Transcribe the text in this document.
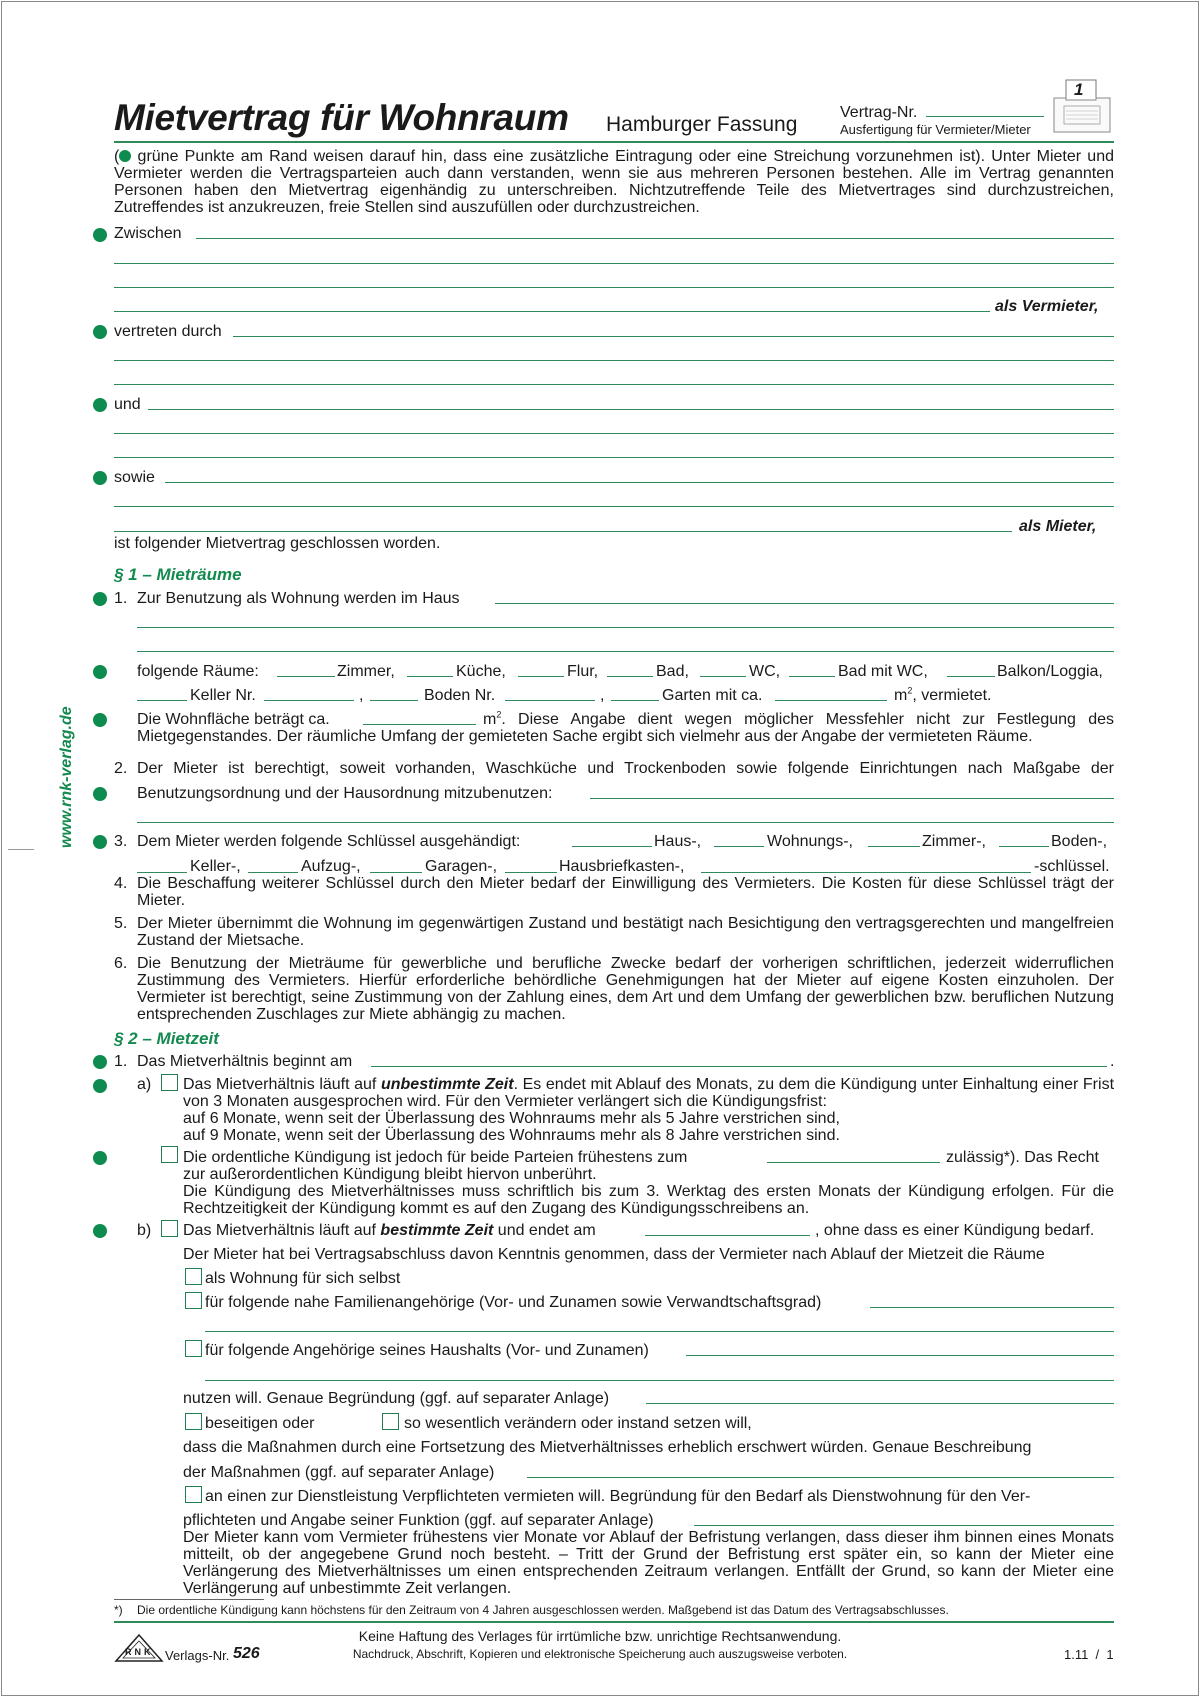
Mietvertrag für Wohnraum Hamburger Fassung
Vertrag-Nr.
Ausfertigung für Vermieter/Mieter
1
www.rnk-verlag.de
( grüne Punkte am Rand weisen darauf hin, dass eine zusätzliche Eintragung oder eine Streichung vorzunehmen ist). Unter Mieter und Vermieter werden die Vertragsparteien auch dann verstanden, wenn sie aus mehreren Personen bestehen. Alle im Vertrag genannten Personen haben den Mietvertrag eigenhändig zu unterschreiben. Nichtzutreffende Teile des Mietvertrages sind durchzustreichen, Zutreffendes ist anzukreuzen, freie Stellen sind auszufüllen oder durchzustreichen.
Zwischen
als Vermieter,
vertreten durch
und
sowie
als Mieter,
ist folgender Mietvertrag geschlossen worden.
§ 1 – Mieträume
1. Zur Benutzung als Wohnung werden im Haus
folgende Räume:	Zimmer,	Küche,	Flur,	Bad,	WC,	Bad mit WC,	Balkon/Loggia,
Keller Nr.	,	Boden Nr.	,	Garten mit ca.	$m^2$, vermietet.
Die Wohnfläche beträgt ca.	$m^2$. Diese Angabe dient wegen möglicher Messfehler nicht zur Festlegung des
Mietgegenstandes. Der räumliche Umfang der gemieteten Sache ergibt sich vielmehr aus der Angabe der vermieteten Räume.
2. Der Mieter ist berechtigt, soweit vorhanden, Waschküche und Trockenboden sowie folgende Einrichtungen nach Maßgabe der
Benutzungsordnung und der Hausordnung mitzubenutzen:
3. Dem Mieter werden folgende Schlüssel ausgehändigt:	Haus-,	Wohnungs-,	Zimmer-,	Boden-,
Keller-,	Aufzug-,	Garagen-,	Hausbriefkasten-,	-schlüssel.
4. Die Beschaffung weiterer Schlüssel durch den Mieter bedarf der Einwilligung des Vermieters. Die Kosten für diese Schlüssel trägt der Mieter.
5. Der Mieter übernimmt die Wohnung im gegenwärtigen Zustand und bestätigt nach Besichtigung den vertragsgerechten und mangelfreien Zustand der Mietsache.
6. Die Benutzung der Mieträume für gewerbliche und berufliche Zwecke bedarf der vorherigen schriftlichen, jederzeit widerruflichen Zustimmung des Vermieters. Hierfür erforderliche behördliche Genehmigungen hat der Mieter auf eigene Kosten einzuholen. Der Vermieter ist berechtigt, seine Zustimmung von der Zahlung eines, dem Art und dem Umfang der gewerblichen bzw. beruflichen Nutzung entsprechenden Zuschlages zur Miete abhängig zu machen.
§ 2 – Mietzeit
1. Das Mietverhältnis beginnt am	.
a) Das Mietverhältnis läuft auf unbestimmte Zeit. Es endet mit Ablauf des Monats, zu dem die Kündigung unter Einhaltung einer Frist von 3 Monaten ausgesprochen wird. Für den Vermieter verlängert sich die Kündigungsfrist:
auf 6 Monate, wenn seit der Überlassung des Wohnraums mehr als 5 Jahre verstrichen sind,
auf 9 Monate, wenn seit der Überlassung des Wohnraums mehr als 8 Jahre verstrichen sind.
Die ordentliche Kündigung ist jedoch für beide Parteien frühestens zum	zulässig*). Das Recht
zur außerordentlichen Kündigung bleibt hiervon unberührt.
Die Kündigung des Mietverhältnisses muss schriftlich bis zum 3. Werktag des ersten Monats der Kündigung erfolgen. Für die Rechtzeitigkeit der Kündigung kommt es auf den Zugang des Kündigungsschreibens an.
b) Das Mietverhältnis läuft auf bestimmte Zeit und endet am	, ohne dass es einer Kündigung bedarf.
Der Mieter hat bei Vertragsabschluss davon Kenntnis genommen, dass der Vermieter nach Ablauf der Mietzeit die Räume
als Wohnung für sich selbst
für folgende nahe Familienangehörige (Vor- und Zunamen sowie Verwandtschaftsgrad)
für folgende Angehörige seines Haushalts (Vor- und Zunamen)
nutzen will. Genaue Begründung (ggf. auf separater Anlage)
beseitigen oder	so wesentlich verändern oder instand setzen will,
dass die Maßnahmen durch eine Fortsetzung des Mietverhältnisses erheblich erschwert würden. Genaue Beschreibung
der Maßnahmen (ggf. auf separater Anlage)
an einen zur Dienstleistung Verpflichteten vermieten will. Begründung für den Bedarf als Dienstwohnung für den Ver-
pflichteten und Angabe seiner Funktion (ggf. auf separater Anlage)
Der Mieter kann vom Vermieter frühestens vier Monate vor Ablauf der Befristung verlangen, dass dieser ihm binnen eines Monats mitteilt, ob der angegebene Grund noch besteht. – Tritt der Grund der Befristung erst später ein, so kann der Mieter eine Verlängerung des Mietverhältnisses um einen entsprechenden Zeitraum verlangen. Entfällt der Grund, so kann der Mieter eine Verlängerung auf unbestimmte Zeit verlangen.
*) Die ordentliche Kündigung kann höchstens für den Zeitraum von 4 Jahren ausgeschlossen werden. Maßgebend ist das Datum des Vertragsabschlusses.
RNK Verlags-Nr. 526
Keine Haftung des Verlages für irrtümliche bzw. unrichtige Rechtsanwendung.
Nachdruck, Abschrift, Kopieren und elektronische Speicherung auch auszugsweise verboten.	1.11  /  1
